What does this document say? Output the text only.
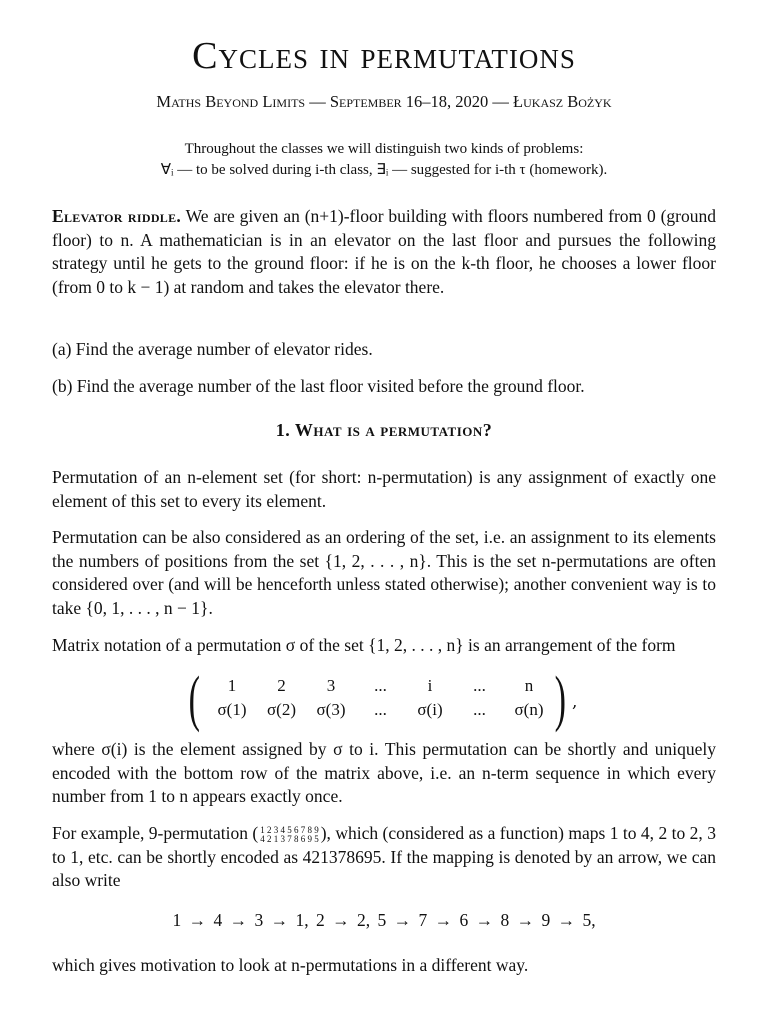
Cycles in permutations

Maths Beyond Limits — September 16–18, 2020 — Łukasz Bożyk

Throughout the classes we will distinguish two kinds of problems:
∀ᵢ — to be solved during i-th class, ∃ᵢ — suggested for i-th τ (homework).

Elevator riddle. We are given an (n+1)-floor building with floors numbered from 0 (ground floor) to n. A mathematician is in an elevator on the last floor and pursues the following strategy until he gets to the ground floor: if he is on the k-th floor, he chooses a lower floor (from 0 to k − 1) at random and takes the elevator there.

(a) Find the average number of elevator rides.

(b) Find the average number of the last floor visited before the ground floor.

1. What is a permutation?

Permutation of an n-element set (for short: n-permutation) is any assignment of exactly one element of this set to every its element.

Permutation can be also considered as an ordering of the set, i.e. an assignment to its elements the numbers of positions from the set {1, 2, . . . , n}. This is the set n-permutations are often considered over (and will be henceforth unless stated otherwise); another convenient way is to take {0, 1, . . . , n − 1}.

Matrix notation of a permutation σ of the set {1, 2, . . . , n} is an arrangement of the form

(	1	2	3	...	i	...	n
σ(1)	σ(2)	σ(3)	...	σ(i)	...	σ(n) ) ,

where σ(i) is the element assigned by σ to i. This permutation can be shortly and uniquely encoded with the bottom row of the matrix above, i.e. an n-term sequence in which every number from 1 to n appears exactly once.

For example, 9-permutation ( 1 2 3 4 5 6 7 8 9
4 2 1 3 7 8 6 9 5 ), which (considered as a function) maps 1 to 4, 2 to 2, 3 to 1, etc. can be shortly encoded as 421378695. If the mapping is denoted by an arrow, we can also write

1 → 4 → 3 → 1, 2 → 2, 5 → 7 → 6 → 8 → 9 → 5,

which gives motivation to look at n-permutations in a different way.
